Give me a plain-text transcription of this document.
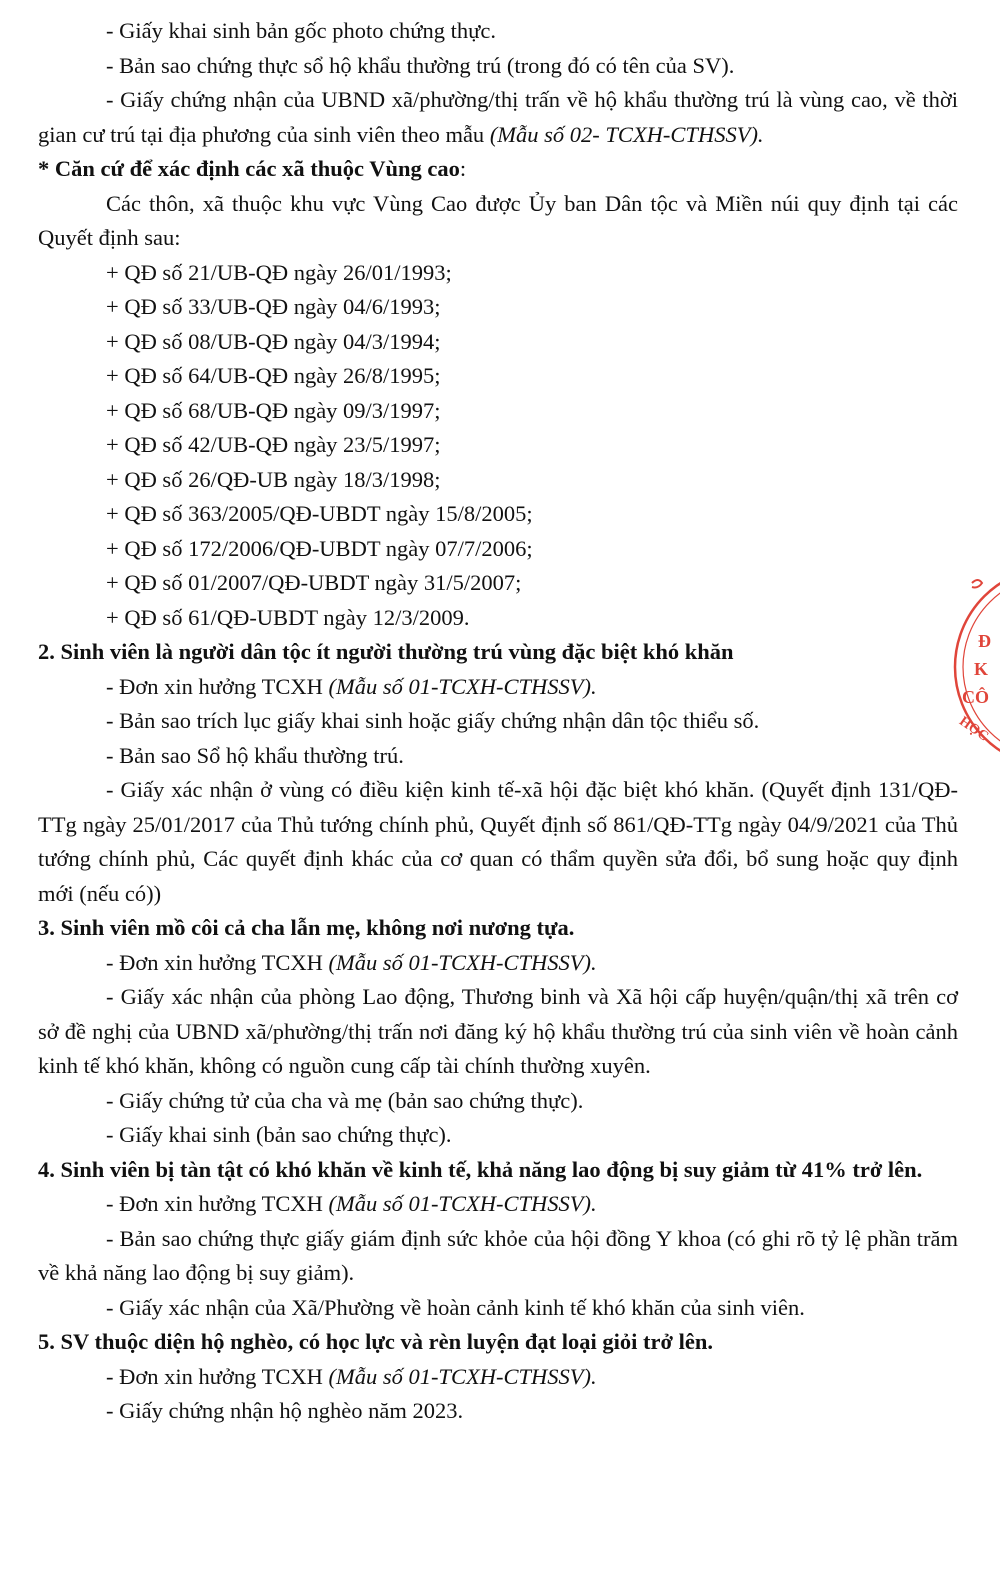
- Giấy khai sinh bản gốc photo chứng thực.

- Bản sao chứng thực sổ hộ khẩu thường trú (trong đó có tên của SV).

- Giấy chứng nhận của UBND xã/phường/thị trấn về hộ khẩu thường trú là vùng cao, về thời gian cư trú tại địa phương của sinh viên theo mẫu (Mẫu số 02- TCXH-CTHSSV).

* Căn cứ để xác định các xã thuộc Vùng cao:

Các thôn, xã thuộc khu vực Vùng Cao được Ủy ban Dân tộc và Miền núi quy định tại các Quyết định sau:

+ QĐ số 21/UB-QĐ ngày 26/01/1993;

+ QĐ số 33/UB-QĐ ngày 04/6/1993;

+ QĐ số 08/UB-QĐ ngày 04/3/1994;

+ QĐ số 64/UB-QĐ ngày 26/8/1995;

+ QĐ số 68/UB-QĐ ngày 09/3/1997;

+ QĐ số 42/UB-QĐ ngày 23/5/1997;

+ QĐ số 26/QĐ-UB ngày 18/3/1998;

+ QĐ số 363/2005/QĐ-UBDT ngày 15/8/2005;

+ QĐ số 172/2006/QĐ-UBDT ngày 07/7/2006;

+ QĐ số 01/2007/QĐ-UBDT ngày 31/5/2007;

+ QĐ số 61/QĐ-UBDT ngày 12/3/2009.

2. Sinh viên là người dân tộc ít người thường trú vùng đặc biệt khó khăn

- Đơn xin hưởng TCXH (Mẫu số 01-TCXH-CTHSSV).

- Bản sao trích lục giấy khai sinh hoặc giấy chứng nhận dân tộc thiểu số.

- Bản sao Sổ hộ khẩu thường trú.

- Giấy xác nhận ở vùng có điều kiện kinh tế-xã hội đặc biệt khó khăn. (Quyết định 131/QĐ-TTg ngày 25/01/2017 của Thủ tướng chính phủ, Quyết định số 861/QĐ-TTg ngày 04/9/2021 của Thủ tướng chính phủ, Các quyết định khác của cơ quan có thẩm quyền sửa đổi, bổ sung hoặc quy định mới (nếu có))

3. Sinh viên mồ côi cả cha lẫn mẹ, không nơi nương tựa.

- Đơn xin hưởng TCXH (Mẫu số 01-TCXH-CTHSSV).

- Giấy xác nhận của phòng Lao động, Thương binh và Xã hội cấp huyện/quận/thị xã trên cơ sở đề nghị của UBND xã/phường/thị trấn nơi đăng ký hộ khẩu thường trú của sinh viên về hoàn cảnh kinh tế khó khăn, không có nguồn cung cấp tài chính thường xuyên.

- Giấy chứng tử của cha và mẹ (bản sao chứng thực).

- Giấy khai sinh (bản sao chứng thực).

4. Sinh viên bị tàn tật có khó khăn về kinh tế, khả năng lao động bị suy giảm từ 41% trở lên.

- Đơn xin hưởng TCXH (Mẫu số 01-TCXH-CTHSSV).

- Bản sao chứng thực giấy giám định sức khỏe của hội đồng Y khoa (có ghi rõ tỷ lệ phần trăm về khả năng lao động bị suy giảm).

- Giấy xác nhận của Xã/Phường về hoàn cảnh kinh tế khó khăn của sinh viên.

5. SV thuộc diện hộ nghèo, có học lực và rèn luyện đạt loại giỏi trở lên.

- Đơn xin hưởng TCXH (Mẫu số 01-TCXH-CTHSSV).

- Giấy chứng nhận hộ nghèo năm 2023.

Đ
K
CÔ
HỌC
